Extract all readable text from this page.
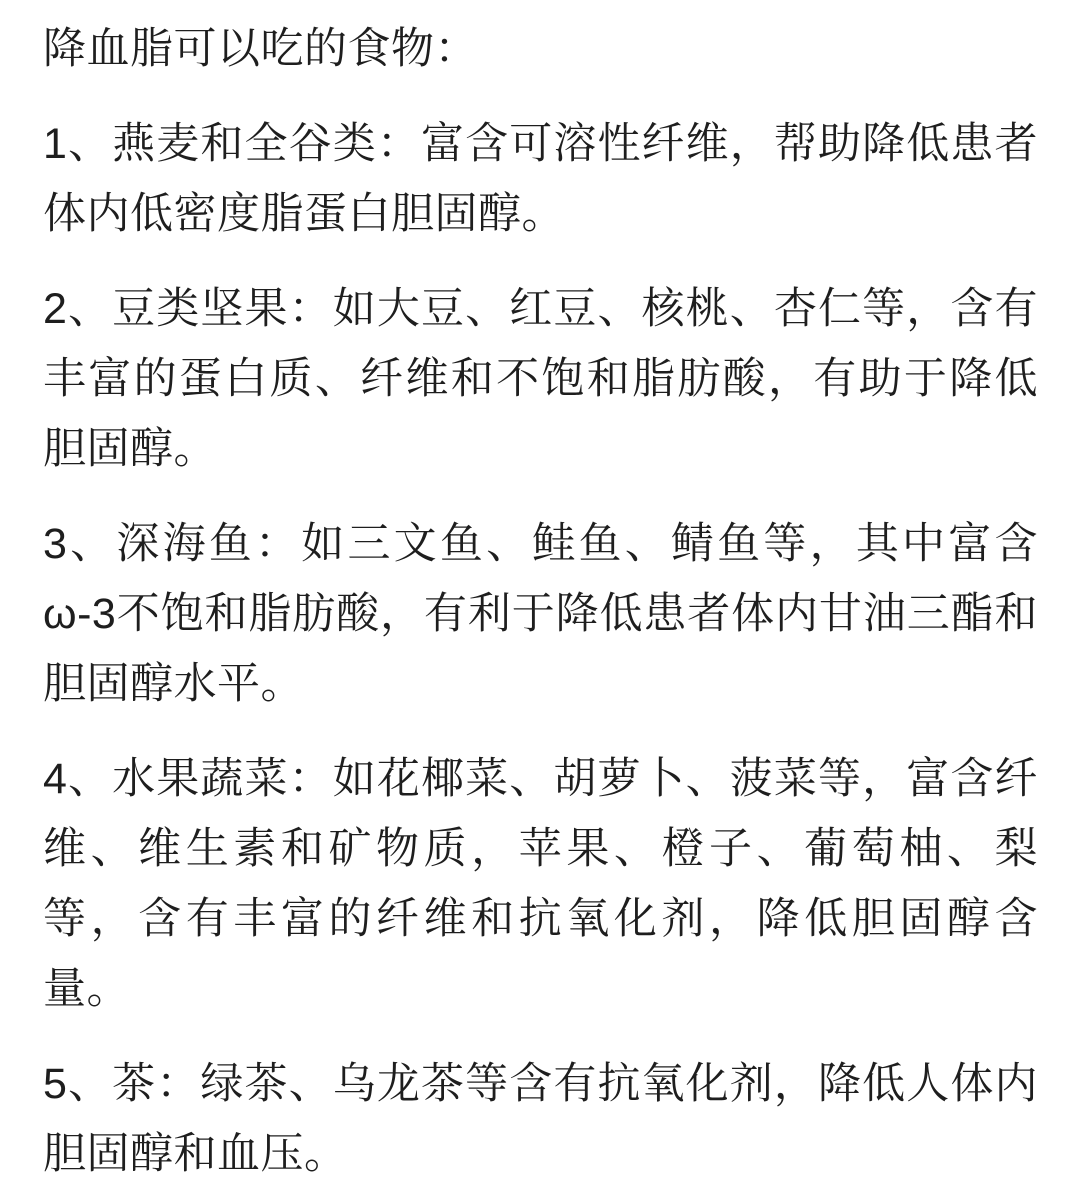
降血脂可以吃的食物：

1、燕麦和全谷类：富含可溶性纤维，帮助降低患者体内低密度脂蛋白胆固醇。

2、豆类坚果：如大豆、红豆、核桃、杏仁等，含有丰富的蛋白质、纤维和不饱和脂肪酸，有助于降低胆固醇。

3、深海鱼：如三文鱼、鲑鱼、鲭鱼等，其中富含ω-3不饱和脂肪酸，有利于降低患者体内甘油三酯和胆固醇水平。

4、水果蔬菜：如花椰菜、胡萝卜、菠菜等，富含纤维、维生素和矿物质，苹果、橙子、葡萄柚、梨等，含有丰富的纤维和抗氧化剂，降低胆固醇含量。

5、茶：绿茶、乌龙茶等含有抗氧化剂，降低人体内胆固醇和血压。
